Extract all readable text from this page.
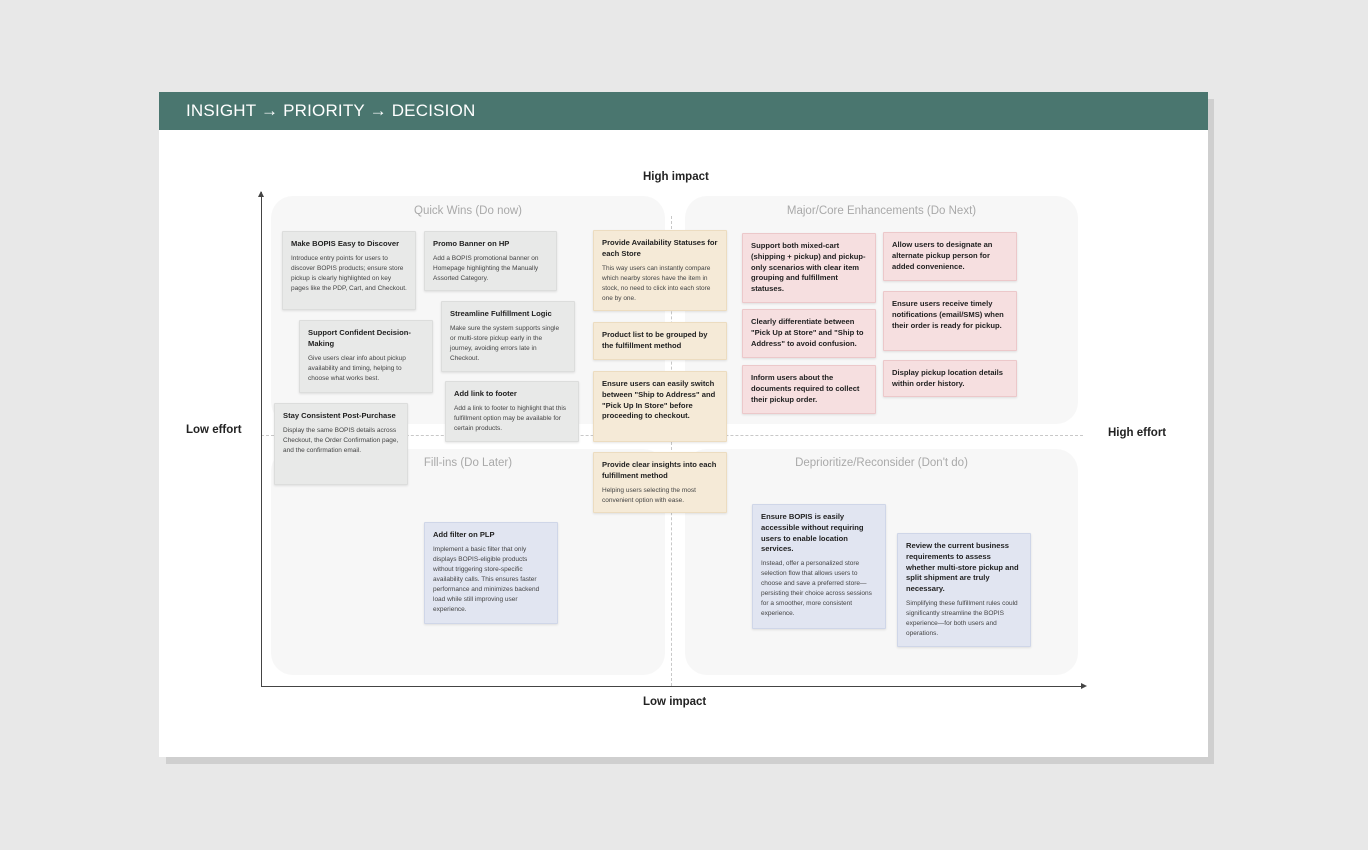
INSIGHT → PRIORITY → DECISION
Quick Wins (Do now)	Major/Core Enhancements (Do Next)
Fill-ins (Do Later)	Deprioritize/Reconsider (Don't do)
High impact
Low impact
Low effort	High effort
Make BOPIS Easy to Discover
Introduce entry points for users to discover BOPIS products; ensure store pickup is clearly highlighted on key pages like the PDP, Cart, and Checkout.
Promo Banner on HP
Add a BOPIS promotional banner on Homepage highlighting the Manually Assorted Category.
Streamline Fulfillment Logic
Make sure the system supports single or multi-store pickup early in the journey, avoiding errors late in Checkout.
Support Confident Decision-Making
Give users clear info about pickup availability and timing, helping to choose what works best.
Add link to footer
Add a link to footer to highlight that this fulfillment option may be available for certain products.
Stay Consistent Post-Purchase
Display the same BOPIS details across Checkout, the Order Confirmation page, and the confirmation email.
Provide Availability Statuses for each Store
This way users can instantly compare which nearby stores have the item in stock, no need to click into each store one by one.
Product list to be grouped by the fulfillment method
Ensure users can easily switch between "Ship to Address" and "Pick Up In Store" before proceeding to checkout.
Provide clear insights into each fulfillment method
Helping users selecting the most convenient option with ease.
Support both mixed-cart (shipping + pickup) and pickup-only scenarios with clear item grouping and fulfillment statuses.
Clearly differentiate between "Pick Up at Store" and "Ship to Address" to avoid confusion.
Inform users about the documents required to collect their pickup order.
Allow users to designate an alternate pickup person for added convenience.
Ensure users receive timely notifications (email/SMS) when their order is ready for pickup.
Display pickup location details within order history.
Add filter on PLP
Implement a basic filter that only displays BOPIS-eligible products without triggering store-specific availability calls. This ensures faster performance and minimizes backend load while still improving user experience.
Ensure BOPIS is easily accessible without requiring users to enable location services.
Instead, offer a personalized store selection flow that allows users to choose and save a preferred store—persisting their choice across sessions for a smoother, more consistent experience.
Review the current business requirements to assess whether multi-store pickup and split shipment are truly necessary.
Simplifying these fulfillment rules could significantly streamline the BOPIS experience—for both users and operations.
